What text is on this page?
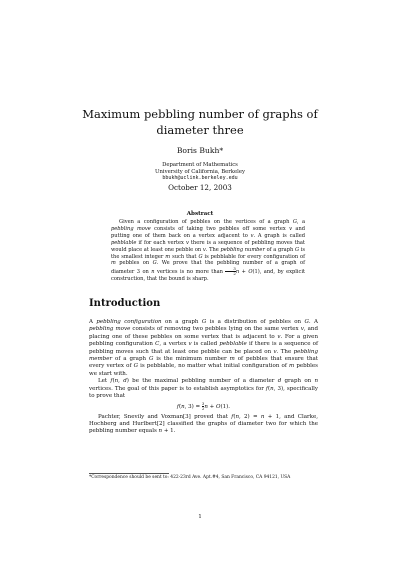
Maximum pebbling number of graphs of diameter three
Boris Bukh*
Department of Mathematics
University of California, Berkeley
bbukh@uclink.berkeley.edu
October 12, 2003
Abstract

Given a configuration of pebbles on the vertices of a graph G, a pebbling move consists of taking two pebbles off some vertex v and putting one of them back on a vertex adjacent to v. A graph is called pebblable if for each vertex v there is a sequence of pebbling moves that would place at least one pebble on v. The pebbling number of a graph G is the smallest integer m such that G is pebblable for every configuration of m pebbles on G. We prove that the pebbling number of a graph of diameter 3 on n vertices is no more than $\frac{3}{2}$ n + O(1), and, by explicit construction, that the bound is sharp.

Introduction

A pebbling configuration on a graph G is a distribution of pebbles on G. A pebbling move consists of removing two pebbles lying on the same vertex v, and placing one of these pebbles on some vertex that is adjacent to v. For a given pebbling configuration C, a vertex v is called pebblable if there is a sequence of pebbling moves such that at least one pebble can be placed on v. The pebbling member of a graph G is the minimum number m of pebbles that ensure that every vertex of G is pebblable, no matter what initial configuration of m pebbles we start with.

Let f(n, d) be the maximal pebbling number of a diameter d graph on n vertices. The goal of this paper is to establish asymptotics for f(n, 3), specifically to prove that

f(n, $3) = \frac{3}{2}$ n + O(1).

Pachter, Snevily and Voxman[3] proved that f(n, 2) = n + 1, and Clarke, Hochberg and Hurlbert[2] classified the graphs of diameter two for which the pebbling number equals n + 1.

*Correspondence should be sent to: 422-23rd Ave. Apt.#4, San Francisco, CA 94121, USA
1
